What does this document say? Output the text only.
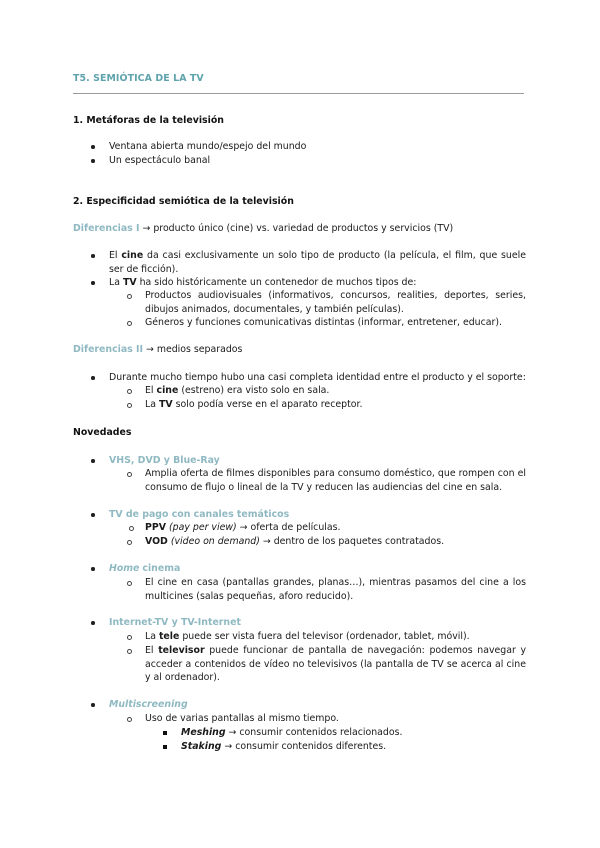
T5. SEMIÓTICA DE LA TV
1. Metáforas de la televisión
Ventana abierta mundo/espejo del mundo
Un espectáculo banal
2. Especificidad semiótica de la televisión
Diferencias I → producto único (cine) vs. variedad de productos y servicios (TV)
El cine da casi exclusivamente un solo tipo de producto (la película, el film, que suele ser de ficción).
La TV ha sido históricamente un contenedor de muchos tipos de:
Productos audiovisuales (informativos, concursos, realities, deportes, series, dibujos animados, documentales, y también películas).
Géneros y funciones comunicativas distintas (informar, entretener, educar).
Diferencias II → medios separados
Durante mucho tiempo hubo una casi completa identidad entre el producto y el soporte:
El cine (estreno) era visto solo en sala.
La TV solo podía verse en el aparato receptor.
Novedades
VHS, DVD y Blue-Ray
Amplia oferta de filmes disponibles para consumo doméstico, que rompen con el consumo de flujo o lineal de la TV y reducen las audiencias del cine en sala.
TV de pago con canales temáticos
PPV (pay per view) → oferta de películas.
VOD (video on demand) → dentro de los paquetes contratados.
Home cinema
El cine en casa (pantallas grandes, planas…), mientras pasamos del cine a los multicines (salas pequeñas, aforo reducido).
Internet-TV y TV-Internet
La tele puede ser vista fuera del televisor (ordenador, tablet, móvil).
El televisor puede funcionar de pantalla de navegación: podemos navegar y acceder a contenidos de vídeo no televisivos (la pantalla de TV se acerca al cine y al ordenador).
Multiscreening
Uso de varias pantallas al mismo tiempo.
Meshing → consumir contenidos relacionados.
Staking → consumir contenidos diferentes.
